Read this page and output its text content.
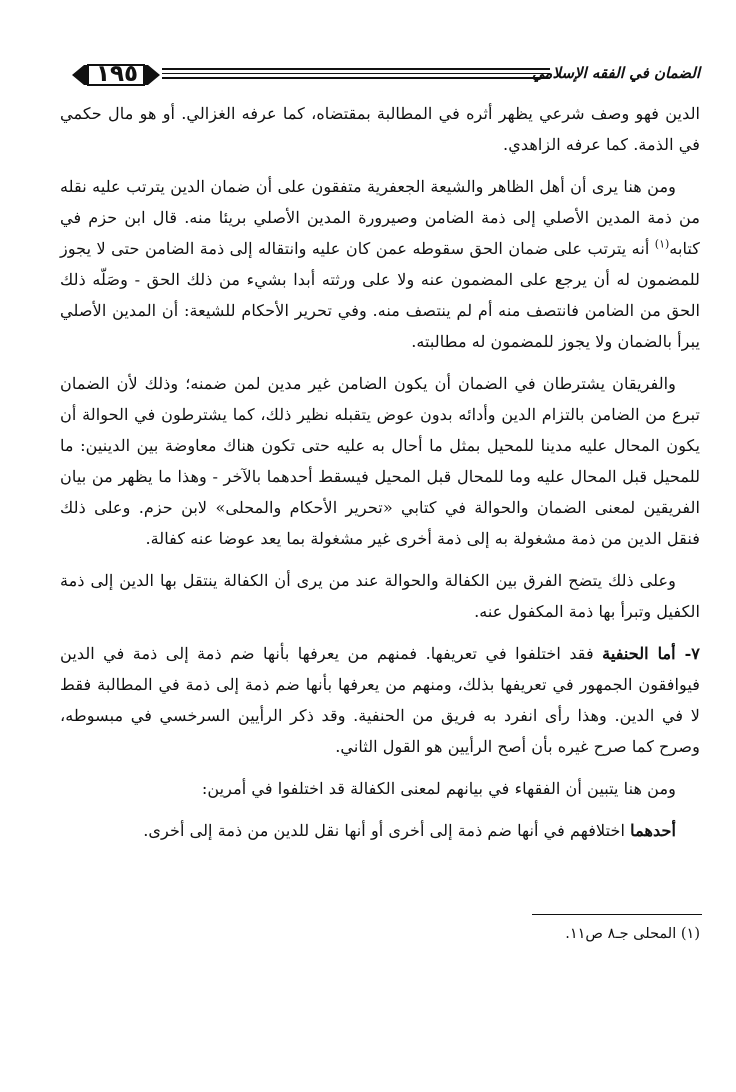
١٩٥	الضمان في الفقه الإسلامي

الدين فهو وصف شرعي يظهر أثره في المطالبة بمقتضاه، كما عرفه الغزالي. أو هو مال حكمي في الذمة. كما عرفه الزاهدي.

ومن هنا يرى أن أهل الظاهر والشيعة الجعفرية متفقون على أن ضمان الدين يترتب عليه نقله من ذمة المدين الأصلي إلى ذمة الضامن وصيرورة المدين الأصلي بريئا منه. قال ابن حزم في كتابه$^{(١)}$ أنه يترتب على ضمان الحق سقوطه عمن كان عليه وانتقاله إلى ذمة الضامن حتى لا يجوز للمضمون له أن يرجع على المضمون عنه ولا على ورثته أبدا بشيء من ذلك الحق - وصَلّه ذلك الحق من الضامن فانتصف منه أم لم ينتصف منه. وفي تحرير الأحكام للشيعة: أن المدين الأصلي يبرأ بالضمان ولا يجوز للمضمون له مطالبته.

والفريقان يشترطان في الضمان أن يكون الضامن غير مدين لمن ضمنه؛ وذلك لأن الضمان تبرع من الضامن بالتزام الدين وأدائه بدون عوض يتقبله نظير ذلك، كما يشترطون في الحوالة أن يكون المحال عليه مدينا للمحيل بمثل ما أحال به عليه حتى تكون هناك معاوضة بين الدينين: ما للمحيل قبل المحال عليه وما للمحال قبل المحيل فيسقط أحدهما بالآخر - وهذا ما يظهر من بيان الفريقين لمعنى الضمان والحوالة في كتابي «تحرير الأحكام والمحلى» لابن حزم. وعلى ذلك فنقل الدين من ذمة مشغولة به إلى ذمة أخرى غير مشغولة بما يعد عوضا عنه كفالة.

وعلى ذلك يتضح الفرق بين الكفالة والحوالة عند من يرى أن الكفالة ينتقل بها الدين إلى ذمة الكفيل وتبرأ بها ذمة المكفول عنه.

٧- أما الحنفية فقد اختلفوا في تعريفها. فمنهم من يعرفها بأنها ضم ذمة إلى ذمة في الدين فيوافقون الجمهور في تعريفها بذلك، ومنهم من يعرفها بأنها ضم ذمة إلى ذمة في المطالبة فقط لا في الدين. وهذا رأى انفرد به فريق من الحنفية. وقد ذكر الرأيين السرخسي في مبسوطه، وصرح كما صرح غيره بأن أصح الرأيين هو القول الثاني.

ومن هنا يتبين أن الفقهاء في بيانهم لمعنى الكفالة قد اختلفوا في أمرين:

أحدهما اختلافهم في أنها ضم ذمة إلى أخرى أو أنها نقل للدين من ذمة إلى أخرى.

(١) المحلى جـ٨ ص١١.
